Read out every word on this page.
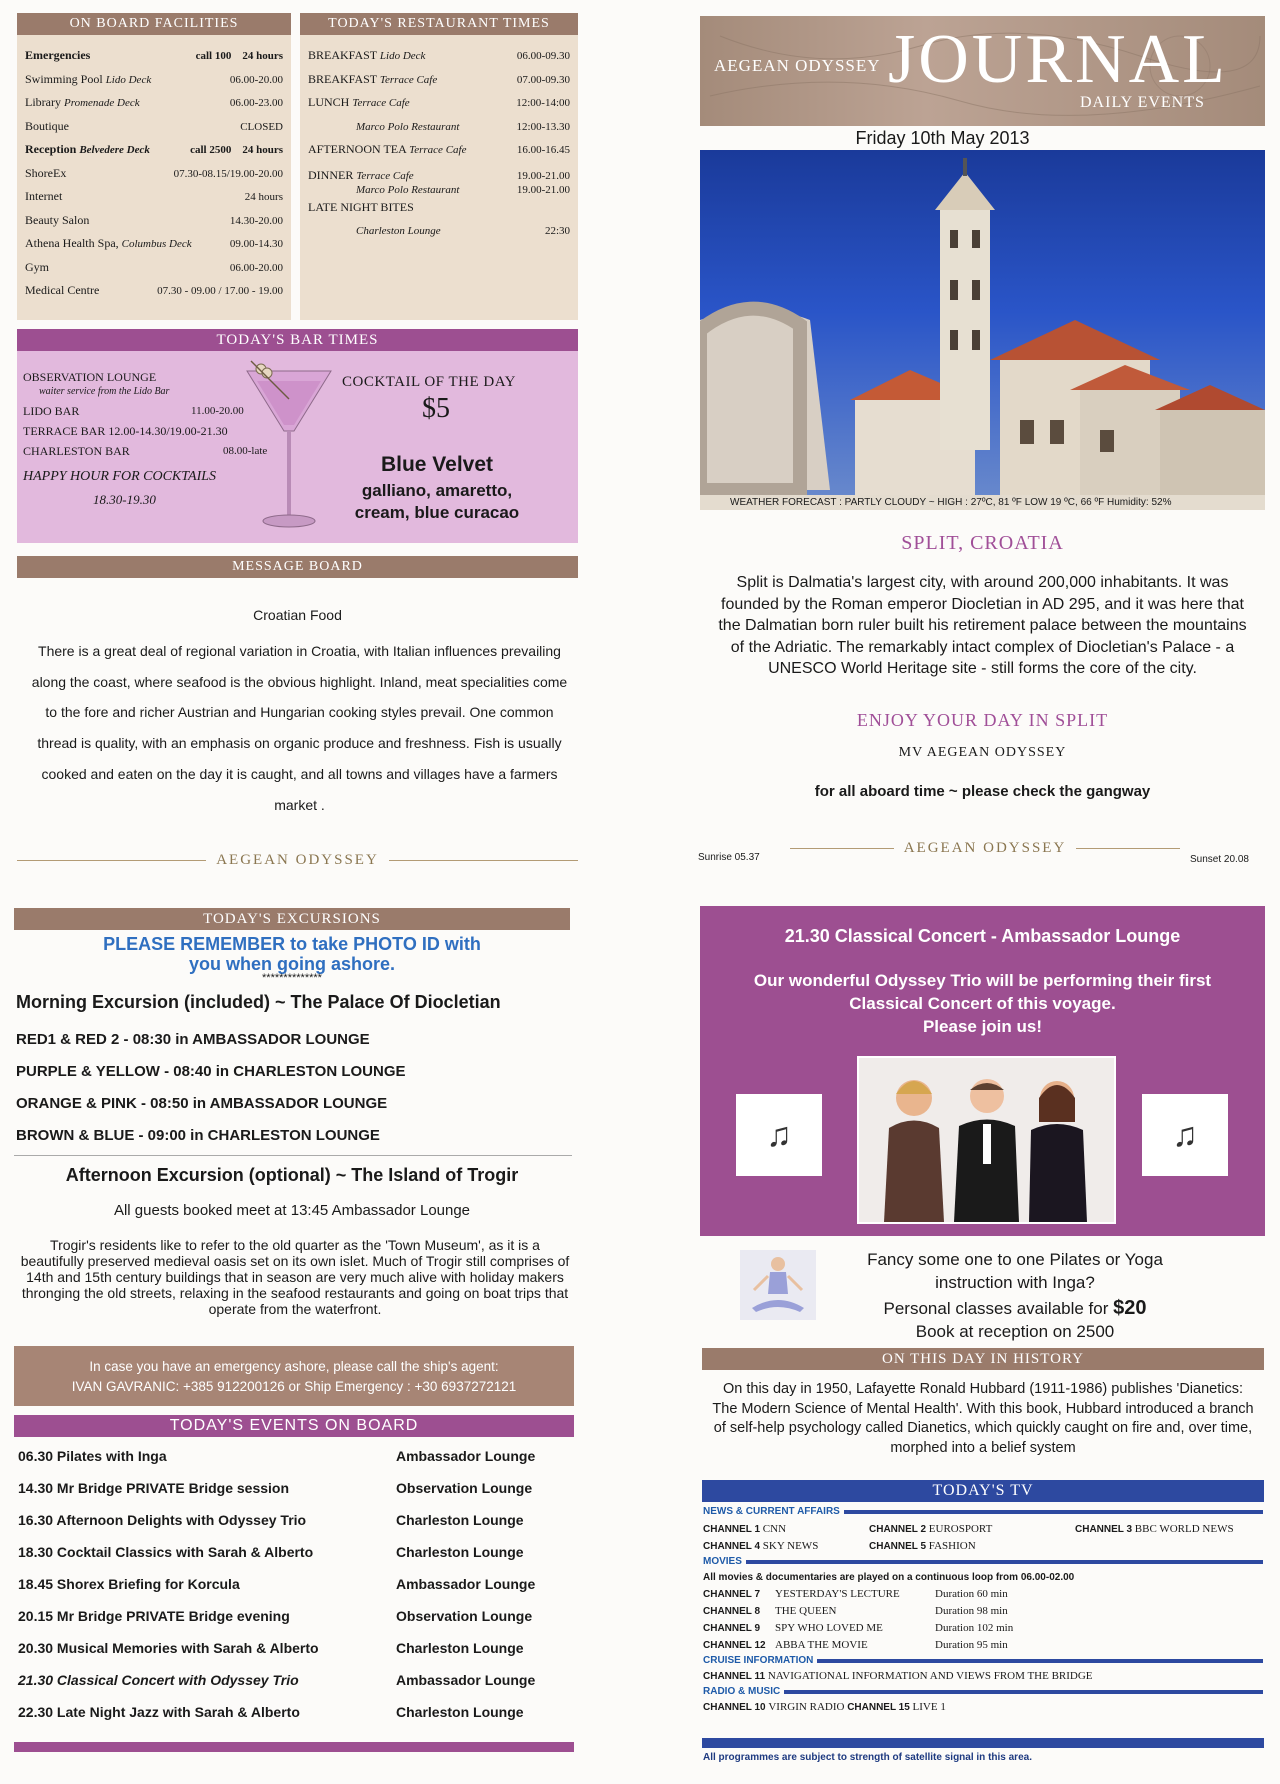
ON BOARD FACILITIES
Emergencies	call 100    24 hours
Swimming Pool Lido Deck	06.00-20.00
Library Promenade Deck	06.00-23.00
Boutique	CLOSED
Reception Belvedere Deck	call 2500    24 hours
ShoreEx	07.30-08.15/19.00-20.00
Internet	24 hours
Beauty Salon	14.30-20.00
Athena Health Spa, Columbus Deck	09.00-14.30
Gym	06.00-20.00
Medical Centre	07.30 - 09.00 / 17.00 - 19.00
TODAY'S RESTAURANT TIMES
BREAKFAST Lido Deck	06.00-09.30
BREAKFAST Terrace Cafe	07.00-09.30
LUNCH Terrace Cafe	12:00-14:00
Marco Polo Restaurant	12:00-13.30
AFTERNOON TEA Terrace Cafe	16.00-16.45
DINNER Terrace Cafe	19.00-21.00
Marco Polo Restaurant	19.00-21.00
LATE NIGHT BITES
Charleston Lounge	22:30
TODAY'S BAR TIMES
OBSERVATION LOUNGE
waiter service from the Lido Bar
LIDO BAR	11.00-20.00
TERRACE BAR 12.00-14.30/19.00-21.30
CHARLESTON BAR	08.00-late
HAPPY HOUR FOR COCKTAILS
18.30-19.30
COCKTAIL OF THE DAY
$5
Blue Velvet
galliano, amaretto,
cream, blue curacao
MESSAGE BOARD
Croatian Food
There is a great deal of regional variation in Croatia, with Italian influences prevailing along the coast, where seafood is the obvious highlight. Inland, meat specialities come to the fore and richer Austrian and Hungarian cooking styles prevail. One common thread is quality, with an emphasis on organic produce and freshness. Fish is usually cooked and eaten on the day it is caught, and all towns and villages have a farmers market .
AEGEAN ODYSSEY
TODAY'S EXCURSIONS
PLEASE REMEMBER to take PHOTO ID with
you when going ashore.
**************
Morning Excursion (included) ~ The Palace Of Diocletian
RED1 & RED 2 - 08:30 in AMBASSADOR LOUNGE
PURPLE & YELLOW - 08:40 in CHARLESTON LOUNGE
ORANGE & PINK - 08:50 in AMBASSADOR LOUNGE
BROWN & BLUE - 09:00 in CHARLESTON LOUNGE
Afternoon Excursion (optional) ~ The Island of Trogir
All guests booked meet at 13:45 Ambassador Lounge
Trogir's residents like to refer to the old quarter as the 'Town Museum', as it is a beautifully preserved medieval oasis set on its own islet. Much of Trogir still comprises of 14th and 15th century buildings that in season are very much alive with holiday makers thronging the old streets, relaxing in the seafood restaurants and going on boat trips that operate from the waterfront.
In case you have an emergency ashore, please call the ship's agent:
IVAN GAVRANIC: +385 912200126 or Ship Emergency : +30 6937272121
TODAY'S EVENTS ON BOARD
06.30 Pilates with Inga	Ambassador Lounge
14.30 Mr Bridge PRIVATE Bridge session	Observation Lounge
16.30 Afternoon Delights with Odyssey Trio	Charleston Lounge
18.30 Cocktail Classics with Sarah & Alberto	Charleston Lounge
18.45 Shorex Briefing for Korcula	Ambassador Lounge
20.15 Mr Bridge PRIVATE Bridge evening	Observation Lounge
20.30 Musical Memories with Sarah & Alberto	Charleston Lounge
21.30 Classical Concert with Odyssey Trio	Ambassador Lounge
22.30 Late Night Jazz with Sarah & Alberto	Charleston Lounge
AEGEAN ODYSSEY JOURNAL
DAILY EVENTS
Friday 10th May 2013
WEATHER FORECAST : PARTLY CLOUDY ~ HIGH : 27ºC, 81 ºF LOW 19 ºC, 66 ºF Humidity: 52%
SPLIT, CROATIA
Split is Dalmatia's largest city, with around 200,000 inhabitants. It was founded by the Roman emperor Diocletian in AD 295, and it was here that the Dalmatian born ruler built his retirement palace between the mountains of the Adriatic. The remarkably intact complex of Diocletian's Palace - a UNESCO World Heritage site - still forms the core of the city.
ENJOY YOUR DAY IN SPLIT
MV AEGEAN ODYSSEY
for all aboard time ~ please check the gangway
AEGEAN ODYSSEY
Sunrise 05.37	Sunset 20.08
21.30 Classical Concert - Ambassador Lounge
Our wonderful Odyssey Trio will be performing their first
Classical Concert of this voyage.
Please join us!
♫	♫
Fancy some one to one Pilates or Yoga
instruction with Inga?
Personal classes available for $20
Book at reception on 2500
ON THIS DAY IN HISTORY
On this day in 1950, Lafayette Ronald Hubbard (1911-1986) publishes 'Dianetics: The Modern Science of Mental Health'. With this book, Hubbard introduced a branch of self-help psychology called Dianetics, which quickly caught on fire and, over time, morphed into a belief system
TODAY'S TV
NEWS & CURRENT AFFAIRS
CHANNEL 1 CNN	CHANNEL 2 EUROSPORT	CHANNEL 3 BBC WORLD NEWS
CHANNEL 4 SKY NEWS	CHANNEL 5 FASHION
MOVIES
All movies & documentaries are played on a continuous loop from 06.00-02.00
CHANNEL 7	YESTERDAY'S LECTURE	Duration 60 min
CHANNEL 8	THE QUEEN	Duration 98 min
CHANNEL 9	SPY WHO LOVED ME	Duration 102 min
CHANNEL 12 ABBA THE MOVIE	Duration 95 min
CRUISE INFORMATION
CHANNEL 11
NAVIGATIONAL INFORMATION AND VIEWS FROM THE BRIDGE
RADIO & MUSIC
CHANNEL 10
VIRGIN RADIO
CHANNEL 15
LIVE 1
All programmes are subject to strength of satellite signal in this area.
